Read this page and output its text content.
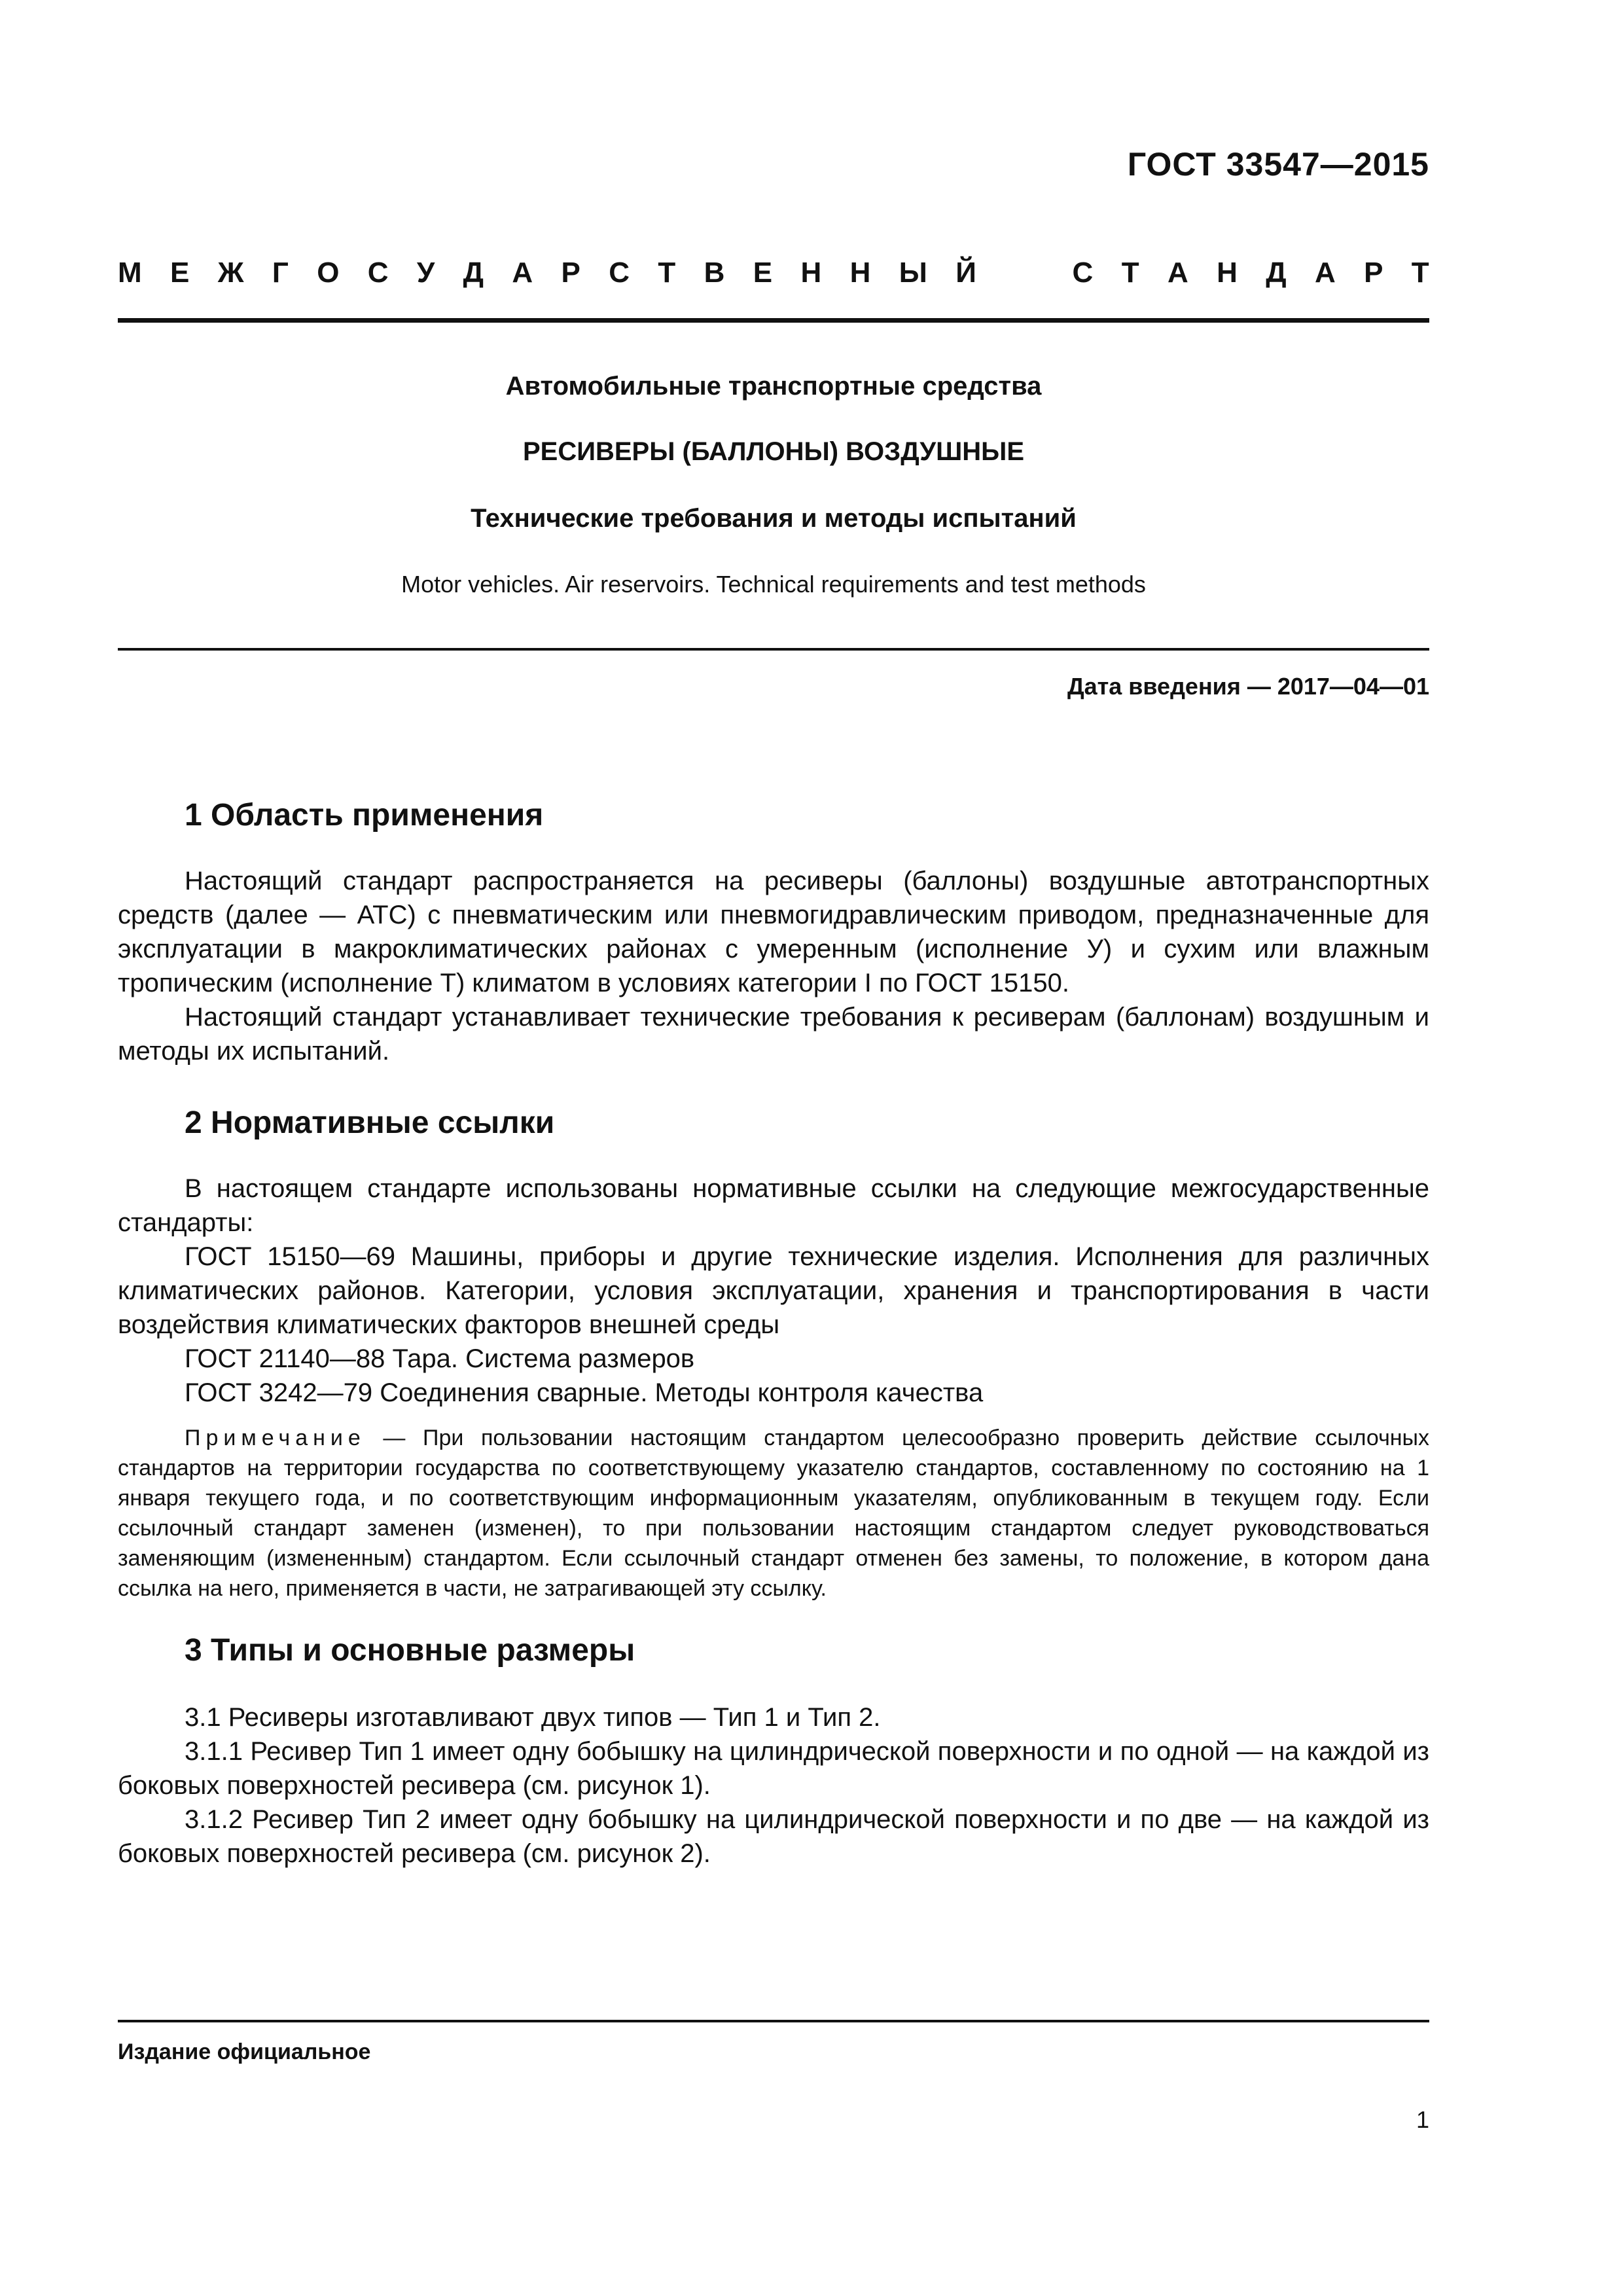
ГОСТ 33547—2015
М Е Ж Г О С У Д А Р С Т В Е Н Н Ы Й	С Т А Н Д А Р Т
Автомобильные транспортные средства
РЕСИВЕРЫ (БАЛЛОНЫ) ВОЗДУШНЫЕ
Технические требования и методы испытаний
Motor vehicles. Air reservoirs. Technical requirements and test methods
Дата введения — 2017—04—01
1 Область применения

Настоящий стандарт распространяется на ресиверы (баллоны) воздушные автотранспортных средств (далее — АТС) с пневматическим или пневмогидравлическим приводом, предназначенные для эксплуатации в макроклиматических районах с умеренным (исполнение У) и сухим или влажным тропическим (исполнение Т) климатом в условиях категории I по ГОСТ 15150.

Настоящий стандарт устанавливает технические требования к ресиверам (баллонам) воздушным и методы их испытаний.

2 Нормативные ссылки

В настоящем стандарте использованы нормативные ссылки на следующие межгосударственные стандарты:

ГОСТ 15150—69 Машины, приборы и другие технические изделия. Исполнения для различных климатических районов. Категории, условия эксплуатации, хранения и транспортирования в части воздействия климатических факторов внешней среды

ГОСТ 21140—88 Тара. Система размеров

ГОСТ 3242—79 Соединения сварные. Методы контроля качества

Примечание — При пользовании настоящим стандартом целесообразно проверить действие ссылочных стандартов на территории государства по соответствующему указателю стандартов, составленному по состоянию на 1 января текущего года, и по соответствующим информационным указателям, опубликованным в текущем году. Если ссылочный стандарт заменен (изменен), то при пользовании настоящим стандартом следует руководствоваться заменяющим (измененным) стандартом. Если ссылочный стандарт отменен без замены, то положение, в котором дана ссылка на него, применяется в части, не затрагивающей эту ссылку.

3 Типы и основные размеры

3.1 Ресиверы изготавливают двух типов — Тип 1 и Тип 2.

3.1.1 Ресивер Тип 1 имеет одну бобышку на цилиндрической поверхности и по одной — на каждой из боковых поверхностей ресивера (см. рисунок 1).

3.1.2 Ресивер Тип 2 имеет одну бобышку на цилиндрической поверхности и по две — на каждой из боковых поверхностей ресивера (см. рисунок 2).

Издание официальное
1
